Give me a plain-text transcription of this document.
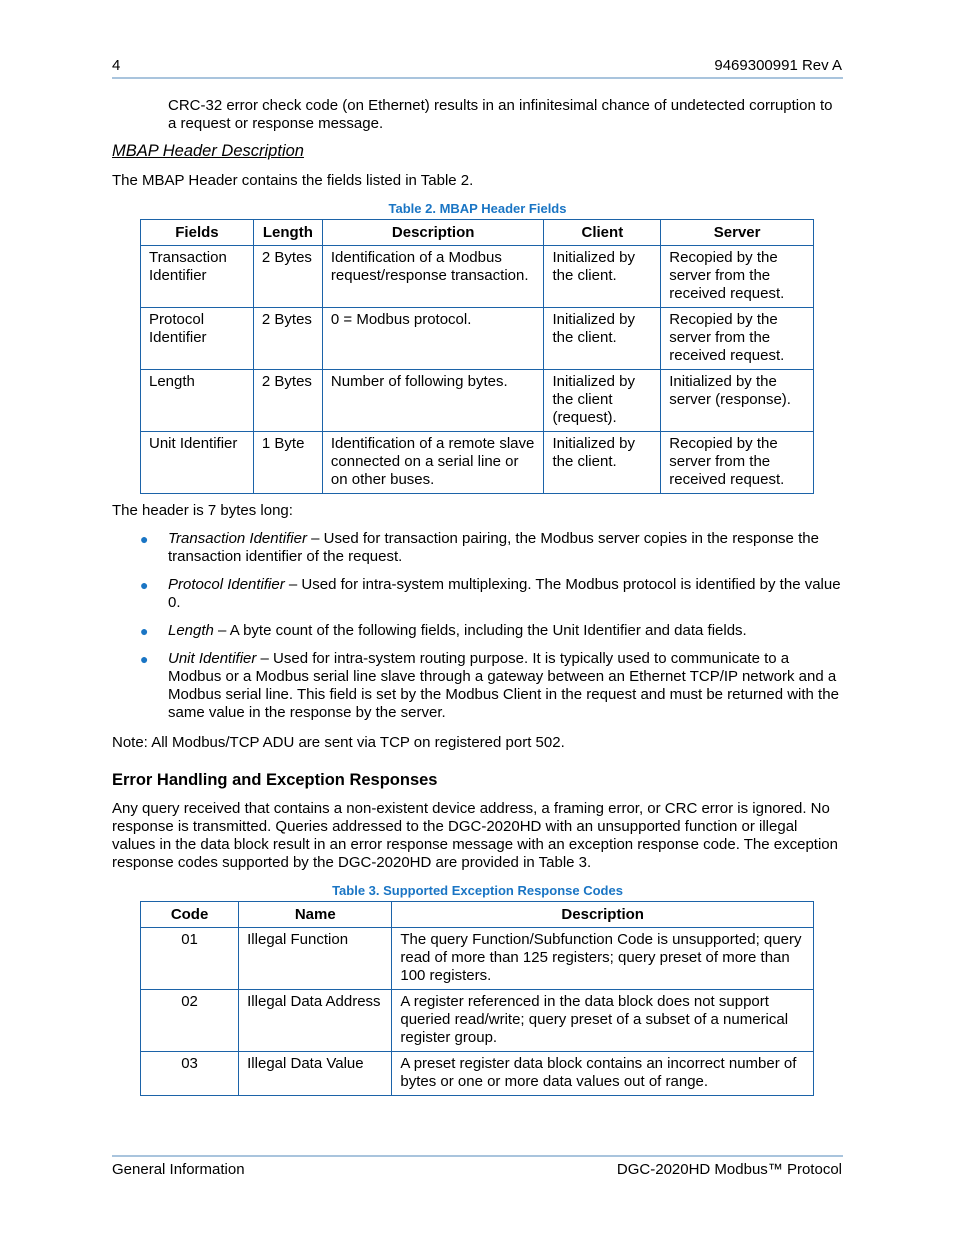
4	9469300991 Rev A
CRC-32 error check code (on Ethernet) results in an infinitesimal chance of undetected corruption to a request or response message.
MBAP Header Description
The MBAP Header contains the fields listed in Table 2.
Table 2. MBAP Header Fields
Fields	Length	Description	Client	Server
Transaction Identifier	2 Bytes	Identification of a Modbus request/response transaction.	Initialized by the client.	Recopied by the server from the received request.
Protocol Identifier	2 Bytes	0 = Modbus protocol.	Initialized by the client.	Recopied by the server from the received request.
Length	2 Bytes	Number of following bytes.	Initialized by the client (request).	Initialized by the server (response).
Unit Identifier	1 Byte	Identification of a remote slave connected on a serial line or on other buses.	Initialized by the client.	Recopied by the server from the received request.
The header is 7 bytes long:
● Transaction Identifier – Used for transaction pairing, the Modbus server copies in the response the transaction identifier of the request.
● Protocol Identifier – Used for intra-system multiplexing. The Modbus protocol is identified by the value 0.
● Length – A byte count of the following fields, including the Unit Identifier and data fields.
● Unit Identifier – Used for intra-system routing purpose. It is typically used to communicate to a Modbus or a Modbus serial line slave through a gateway between an Ethernet TCP/IP network and a Modbus serial line. This field is set by the Modbus Client in the request and must be returned with the same value in the response by the server.
Note: All Modbus/TCP ADU are sent via TCP on registered port 502.
Error Handling and Exception Responses
Any query received that contains a non-existent device address, a framing error, or CRC error is ignored. No response is transmitted. Queries addressed to the DGC-2020HD with an unsupported function or illegal values in the data block result in an error response message with an exception response code. The exception response codes supported by the DGC-2020HD are provided in Table 3.
Table 3. Supported Exception Response Codes
Code	Name	Description
01	Illegal Function	The query Function/Subfunction Code is unsupported; query read of more than 125 registers; query preset of more than 100 registers.
02	Illegal Data Address	A register referenced in the data block does not support queried read/write; query preset of a subset of a numerical register group.
03	Illegal Data Value	A preset register data block contains an incorrect number of bytes or one or more data values out of range.
General Information	DGC-2020HD Modbus™ Protocol
